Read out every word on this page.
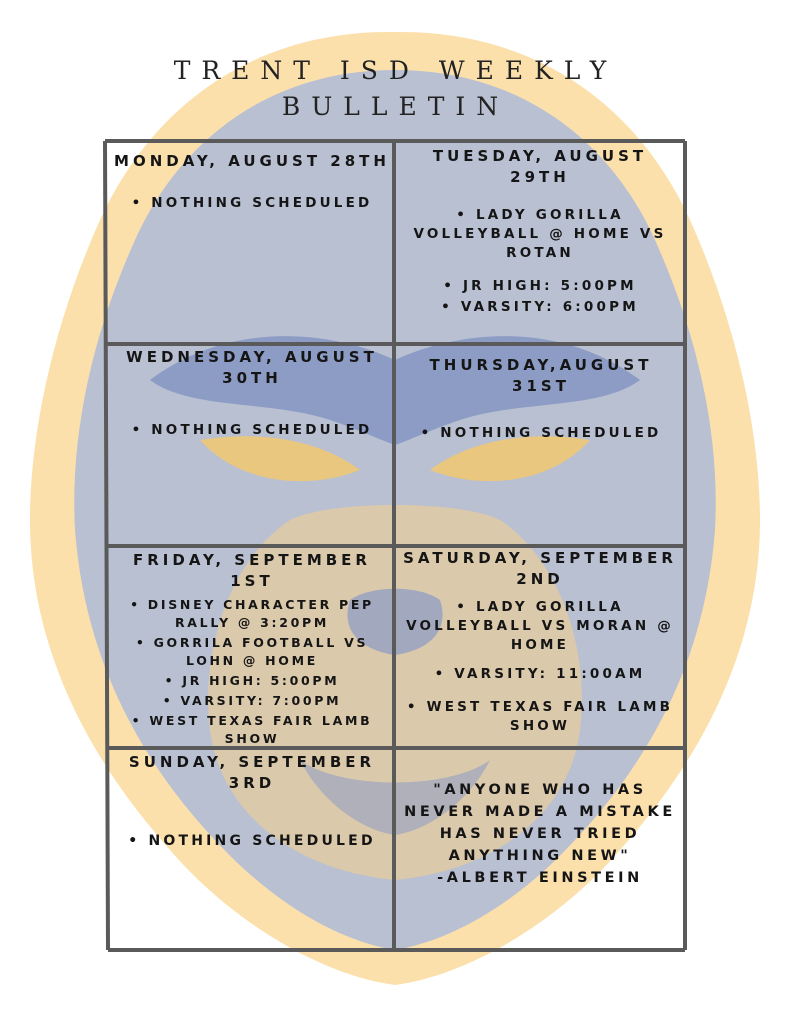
TRENT ISD WEEKLY
BULLETIN
MONDAY, AUGUST 28TH
• NOTHING SCHEDULED
TUESDAY, AUGUST 29TH
• LADY GORILLA VOLLEYBALL @ HOME VS ROTAN
• JR HIGH: 5:00PM
• VARSITY: 6:00PM
WEDNESDAY, AUGUST 30TH
• NOTHING SCHEDULED
THURSDAY,AUGUST 31ST
• NOTHING SCHEDULED
FRIDAY, SEPTEMBER 1ST
• DISNEY CHARACTER PEP RALLY @ 3:20PM
• GORRILA FOOTBALL VS LOHN @ HOME
• JR HIGH: 5:00PM
• VARSITY: 7:00PM
• WEST TEXAS FAIR LAMB SHOW
SATURDAY, SEPTEMBER 2ND
• LADY GORILLA VOLLEYBALL VS MORAN @ HOME
• VARSITY: 11:00AM
• WEST TEXAS FAIR LAMB SHOW
SUNDAY, SEPTEMBER 3RD
• NOTHING SCHEDULED
"ANYONE WHO HAS NEVER MADE A MISTAKE HAS NEVER TRIED ANYTHING NEW"
-ALBERT EINSTEIN
